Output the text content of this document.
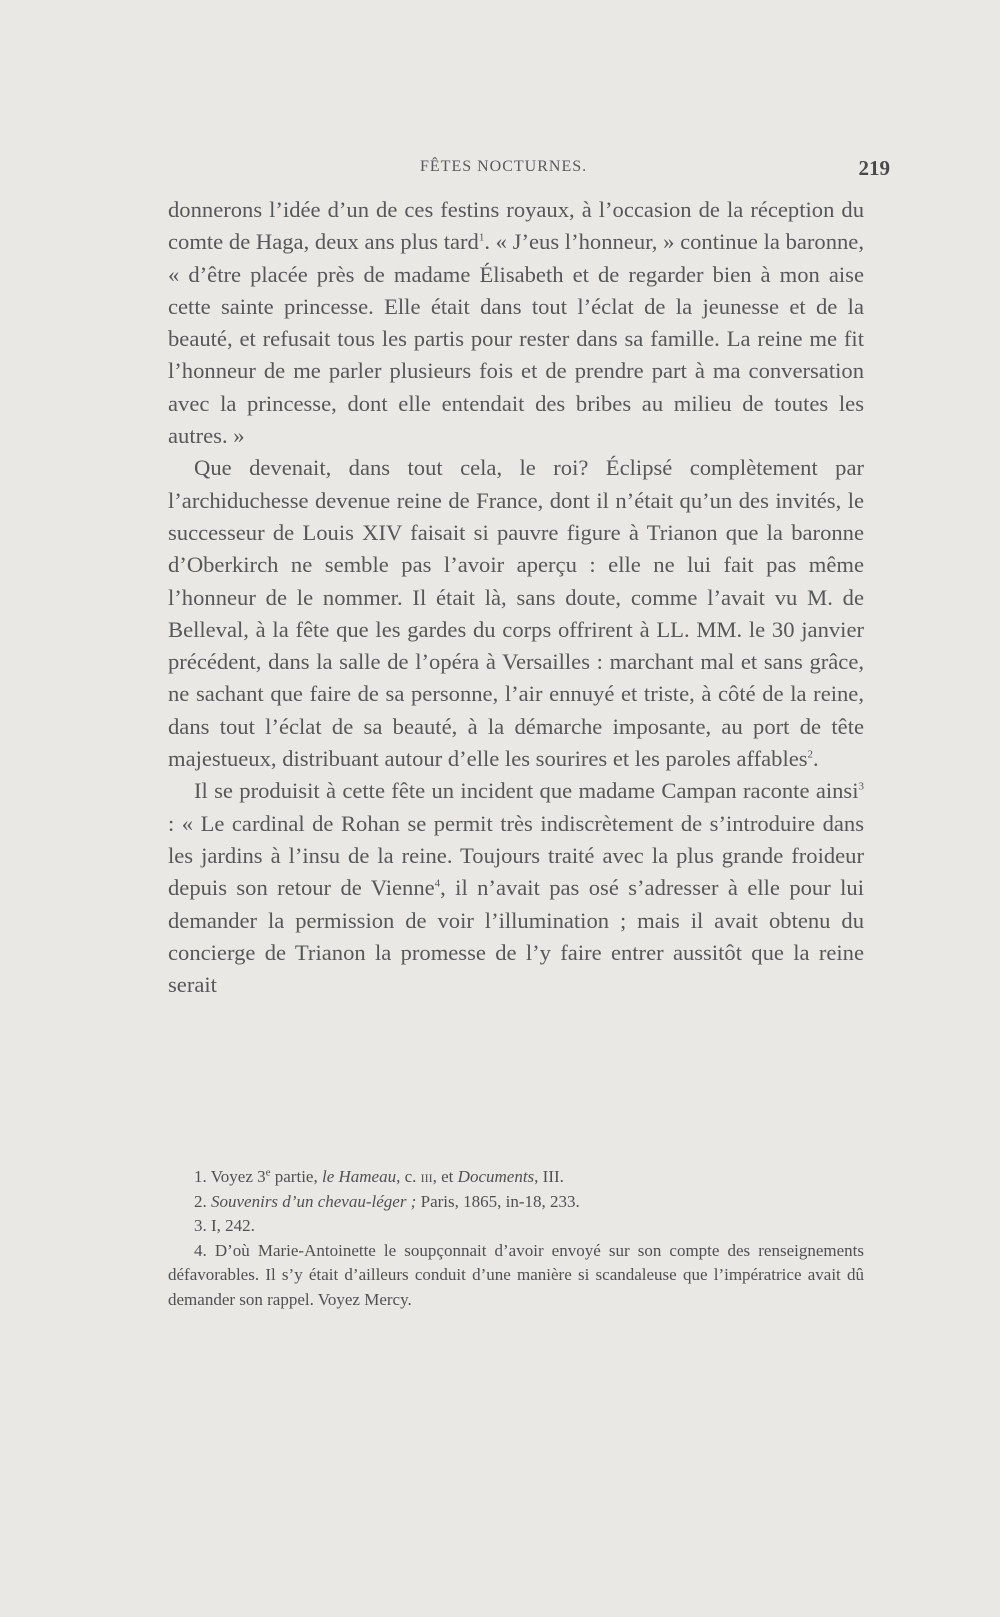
FÊTES NOCTURNES.	219

donnerons l’idée d’un de ces festins royaux, à l’occasion de la réception du comte de Haga, deux ans plus tard$^1$. « J’eus l’honneur, » continue la baronne, « d’être placée près de madame Élisabeth et de regarder bien à mon aise cette sainte princesse. Elle était dans tout l’éclat de la jeunesse et de la beauté, et refusait tous les partis pour rester dans sa famille. La reine me fit l’honneur de me parler plusieurs fois et de prendre part à ma conversation avec la princesse, dont elle entendait des bribes au milieu de toutes les autres. »

Que devenait, dans tout cela, le roi? Éclipsé complètement par l’archiduchesse devenue reine de France, dont il n’était qu’un des invités, le successeur de Louis XIV faisait si pauvre figure à Trianon que la baronne d’Oberkirch ne semble pas l’avoir aperçu : elle ne lui fait pas même l’honneur de le nommer. Il était là, sans doute, comme l’avait vu M. de Belleval, à la fête que les gardes du corps offrirent à LL. MM. le 30 janvier précédent, dans la salle de l’opéra à Versailles : marchant mal et sans grâce, ne sachant que faire de sa personne, l’air ennuyé et triste, à côté de la reine, dans tout l’éclat de sa beauté, à la démarche imposante, au port de tête majestueux, distribuant autour d’elle les sourires et les paroles affables$^2$.

Il se produisit à cette fête un incident que madame Campan raconte ainsi$^3$ : « Le cardinal de Rohan se permit très indiscrètement de s’introduire dans les jardins à l’insu de la reine. Toujours traité avec la plus grande froideur depuis son retour de Vienne$^4$, il n’avait pas osé s’adresser à elle pour lui demander la permission de voir l’illumination ; mais il avait obtenu du concierge de Trianon la promesse de l’y faire entrer aussitôt que la reine serait

1. Voyez 3e partie, le Hameau, c. iii, et Documents, III.

2. Souvenirs d’un chevau-léger ; Paris, 1865, in-18, 233.

3. I, 242.

4. D’où Marie-Antoinette le soupçonnait d’avoir envoyé sur son compte des renseignements défavorables. Il s’y était d’ailleurs conduit d’une manière si scandaleuse que l’impératrice avait dû demander son rappel. Voyez Mercy.
